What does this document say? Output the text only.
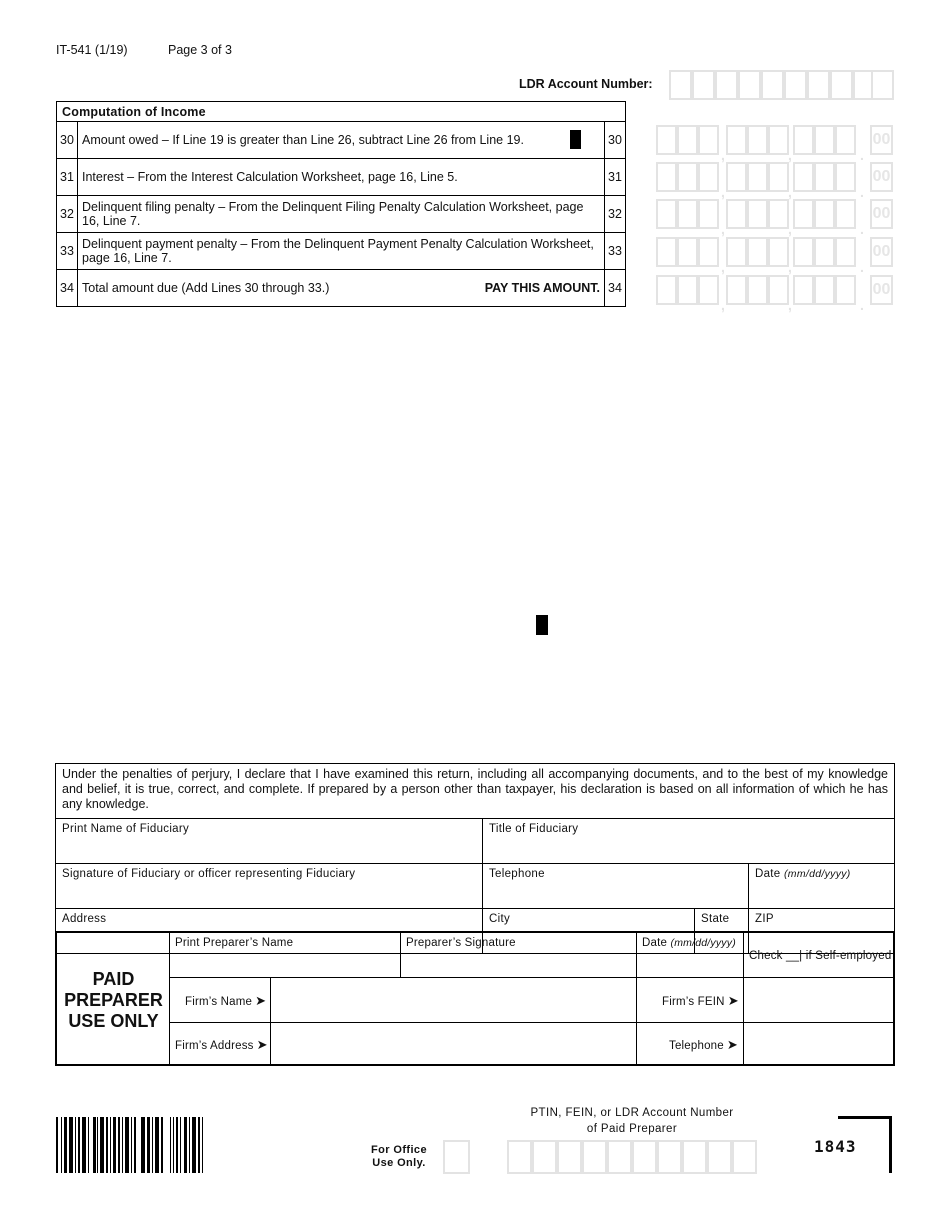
IT-541 (1/19)	Page 3 of 3
LDR Account Number:
Computation of Income		
30	Amount owed – If Line 19 is greater than Line 26, subtract Line 26 from Line 19.	30
31	Interest – From the Interest Calculation Worksheet, page 16, Line 5.	31
32	Delinquent filing penalty – From the Delinquent Filing Penalty Calculation Worksheet, page 16, Line 7.	32
33	Delinquent payment penalty – From the Delinquent Payment Penalty Calculation Worksheet, page 16, Line 7.	33
34	Total amount due (Add Lines 30 through 33.) PAY THIS AMOUNT.	34
,	,	.
00
,	,	.
00
,	,	.
00
,	,	.
00
,	,	.
00
Under the penalties of perjury, I declare that I have examined this return, including all accompanying documents, and to the best of my knowledge and belief, it is true, correct, and complete. If prepared by a person other than taxpayer, his declaration is based on all information of which he has any knowledge.
Print Name of Fiduciary	Title of Fiduciary		
Signature of Fiduciary or officer representing Fiduciary	Telephone		Date (mm/dd/yyyy)
Address	City	State	ZIP
PAID
PREPARER
USE ONLY
Print Preparer’s Name	Preparer’s Signature	Date (mm/dd/yyyy)
Check __| if Self-employed
Firm’s Name ➤	Firm’s FEIN ➤
Firm’s Address ➤	Telephone ➤
For Office Use Only.
PTIN, FEIN, or LDR Account Number
of Paid Preparer
1843
